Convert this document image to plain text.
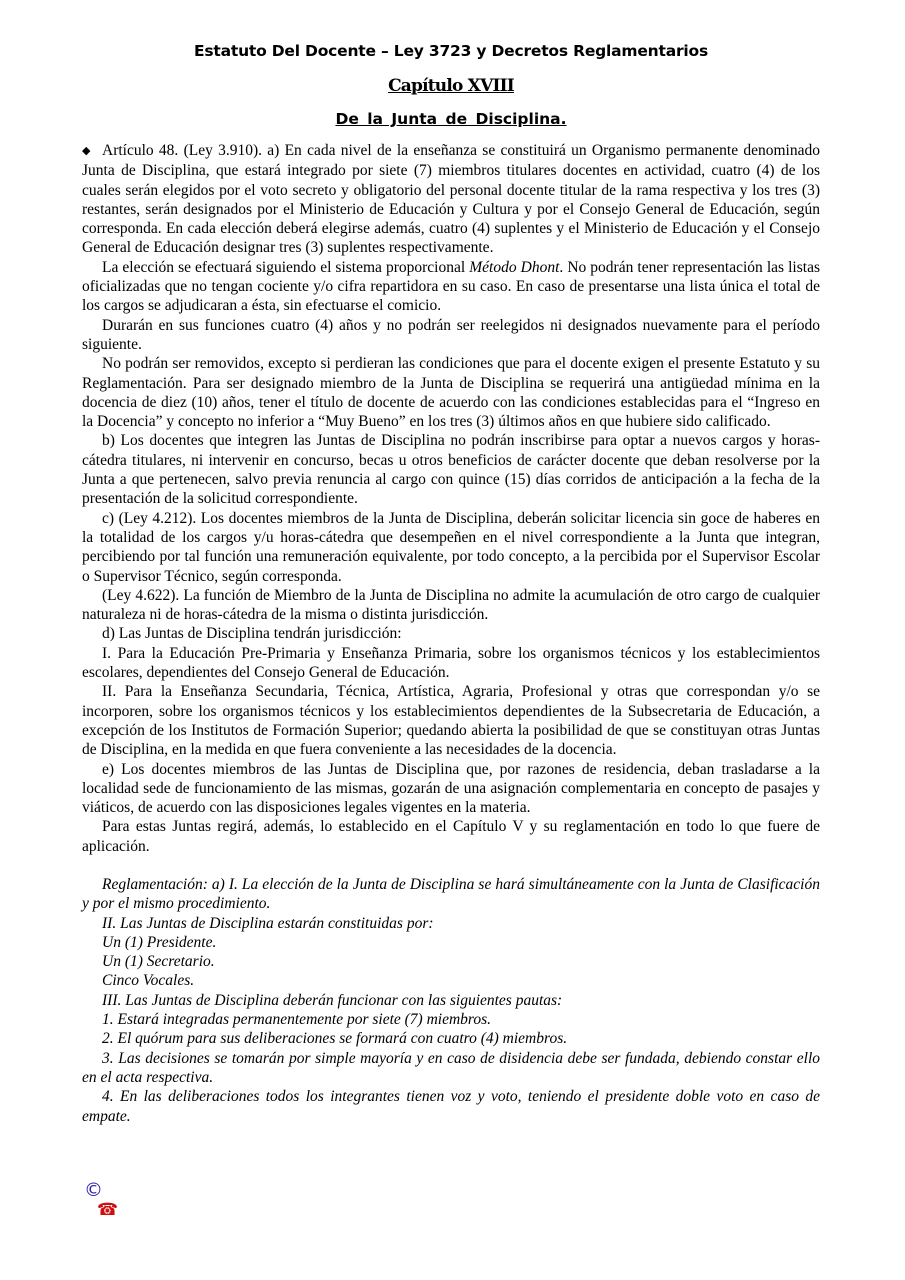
Estatuto Del Docente – Ley 3723 y Decretos Reglamentarios
Capítulo XVIII
De la Junta de Disciplina.

◆ Artículo 48. (Ley 3.910). a) En cada nivel de la enseñanza se constituirá un Organismo permanente denominado Junta de Disciplina, que estará integrado por siete (7) miembros titulares docentes en actividad, cuatro (4) de los cuales serán elegidos por el voto secreto y obligatorio del personal docente titular de la rama respectiva y los tres (3) restantes, serán designados por el Ministerio de Educación y Cultura y por el Consejo General de Educación, según corresponda. En cada elección deberá elegirse además, cuatro (4) suplentes y el Ministerio de Educación y el Consejo General de Educación designar tres (3) suplentes respectivamente.

La elección se efectuará siguiendo el sistema proporcional Método Dhont. No podrán tener representación las listas oficializadas que no tengan cociente y/o cifra repartidora en su caso. En caso de presentarse una lista única el total de los cargos se adjudicaran a ésta, sin efectuarse el comicio.

Durarán en sus funciones cuatro (4) años y no podrán ser reelegidos ni designados nuevamente para el período siguiente.

No podrán ser removidos, excepto si perdieran las condiciones que para el docente exigen el presente Estatuto y su Reglamentación. Para ser designado miembro de la Junta de Disciplina se requerirá una antigüedad mínima en la docencia de diez (10) años, tener el título de docente de acuerdo con las condiciones establecidas para el “Ingreso en la Docencia” y concepto no inferior a “Muy Bueno” en los tres (3) últimos años en que hubiere sido calificado.

b) Los docentes que integren las Juntas de Disciplina no podrán inscribirse para optar a nuevos cargos y horas-cátedra titulares, ni intervenir en concurso, becas u otros beneficios de carácter docente que deban resolverse por la Junta a que pertenecen, salvo previa renuncia al cargo con quince (15) días corridos de anticipación a la fecha de la presentación de la solicitud correspondiente.

c) (Ley 4.212). Los docentes miembros de la Junta de Disciplina, deberán solicitar licencia sin goce de haberes en la totalidad de los cargos y/u horas-cátedra que desempeñen en el nivel correspondiente a la Junta que integran, percibiendo por tal función una remuneración equivalente, por todo concepto, a la percibida por el Supervisor Escolar o Supervisor Técnico, según corresponda.

(Ley 4.622). La función de Miembro de la Junta de Disciplina no admite la acumulación de otro cargo de cualquier naturaleza ni de horas-cátedra de la misma o distinta jurisdicción.

d) Las Juntas de Disciplina tendrán jurisdicción:

I. Para la Educación Pre-Primaria y Enseñanza Primaria, sobre los organismos técnicos y los establecimientos escolares, dependientes del Consejo General de Educación.

II. Para la Enseñanza Secundaria, Técnica, Artística, Agraria, Profesional y otras que correspondan y/o se incorporen, sobre los organismos técnicos y los establecimientos dependientes de la Subsecretaria de Educación, a excepción de los Institutos de Formación Superior; quedando abierta la posibilidad de que se constituyan otras Juntas de Disciplina, en la medida en que fuera conveniente a las necesidades de la docencia.

e) Los docentes miembros de las Juntas de Disciplina que, por razones de residencia, deban trasladarse a la localidad sede de funcionamiento de las mismas, gozarán de una asignación complementaria en concepto de pasajes y viáticos, de acuerdo con las disposiciones legales vigentes en la materia.

Para estas Juntas regirá, además, lo establecido en el Capítulo V y su reglamentación en todo lo que fuere de aplicación.

Reglamentación: a) I. La elección de la Junta de Disciplina se hará simultáneamente con la Junta de Clasificación y por el mismo procedimiento.

II. Las Juntas de Disciplina estarán constituidas por:

Un (1) Presidente.

Un (1) Secretario.

Cinco Vocales.

III. Las Juntas de Disciplina deberán funcionar con las siguientes pautas:

1. Estará integradas permanentemente por siete (7) miembros.

2. El quórum para sus deliberaciones se formará con cuatro (4) miembros.

3. Las decisiones se tomarán por simple mayoría y en caso de disidencia debe ser fundada, debiendo constar ello en el acta respectiva.

4. En las deliberaciones todos los integrantes tienen voz y voto, teniendo el presidente doble voto en caso de empate.

©
☎
